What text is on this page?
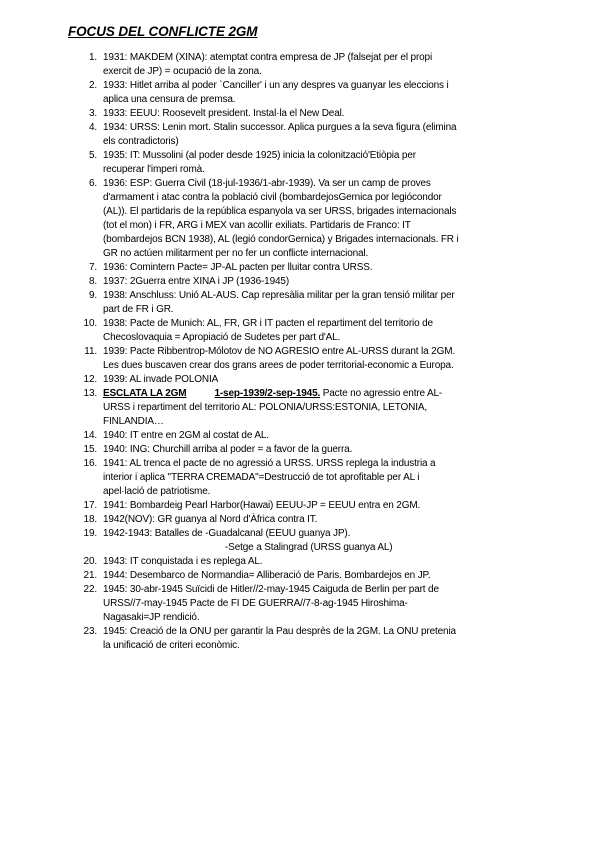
FOCUS DEL CONFLICTE 2GM
1. 1931: MAKDEM (XINA): atemptat contra empresa de JP (falsejat per el propi
exercit de JP) = ocupació de la zona.
2. 1933: Hitlet arriba al poder `Canciller' i un any despres va guanyar les eleccions i
aplica una censura de premsa.
3. 1933: EEUU: Roosevelt president. Instal·la el New Deal.
4. 1934: URSS: Lenin mort. Stalin successor. Aplica purgues a la seva figura (elimina
els contradictoris)
5. 1935: IT: Mussolini (al poder desde 1925) inicia la colonització'Etiòpia per
recuperar l'imperi romà.
6. 1936: ESP: Guerra Civil (18-jul-1936/1-abr-1939). Va ser un camp de proves
d'armament i atac contra la població civil (bombardejosGernica por legiócondor
(AL)). El partidaris de la república espanyola va ser URSS, brigades internacionals
(tot el mon) i FR, ARG i MEX van acollir exiliats. Partidaris de Franco: IT
(bombardejos BCN 1938), AL (legió condorGernica) y Brigades internacionals. FR i
GR no actúen militarment per no fer un conflicte internacional.
7. 1936: Comintern Pacte= JP-AL pacten per lluitar contra URSS.
8. 1937: 2Guerra entre XINA i JP (1936-1945)
9. 1938: Anschluss: Unió AL-AUS. Cap represàlia militar per la gran tensió militar per
part de FR i GR.
10. 1938: Pacte de Munich: AL, FR, GR i IT pacten el repartiment del territorio de
Checoslovaquia = Apropiació de Sudetes per part d'AL.
11. 1939: Pacte Ribbentrop-Mólotov de NO AGRESIO entre AL-URSS durant la 2GM.
Les dues buscaven crear dos grans arees de poder territorial-economic a Europa.
12. 1939: AL invade POLONIA
13. ESCLATA LA 2GM	1-sep-1939/2-sep-1945. Pacte no agressio entre AL-
URSS i repartiment del territorio AL: POLONIA/URSS:ESTONIA, LETONIA,
FINLANDIA…
14. 1940: IT entre en 2GM al costat de AL.
15. 1940: ING: Churchill arriba al poder = a favor de la guerra.
16. 1941: AL trenca el pacte de no agressió a URSS. URSS replega la industria a
interior i aplica "TERRA CREMADA"=Destrucció de tot aprofitable per AL i
apel·lació de patriotisme.
17. 1941: Bombardeig Pearl Harbor(Hawai) EEUU-JP = EEUU entra en 2GM.
18. 1942(NOV): GR guanya al Nord d'Àfrica contra IT.
19. 1942-1943: Batalles de -Guadalcanal (EEUU guanya JP).
-Setge a Stalingrad (URSS guanya AL)
20. 1943: IT conquistada i es replega AL.
21. 1944: Desembarco de Normandia= Alliberació de Paris. Bombardejos en JP.
22. 1945: 30-abr-1945 Suïcidi de Hitler//2-may-1945 Caiguda de Berlin per part de
URSS//7-may-1945 Pacte de FI DE GUERRA//7-8-ag-1945 Hiroshima-
Nagasaki=JP rendició.
23. 1945: Creació de la ONU per garantir la Pau desprès de la 2GM. La ONU pretenia
la unificació de criteri econòmic.
